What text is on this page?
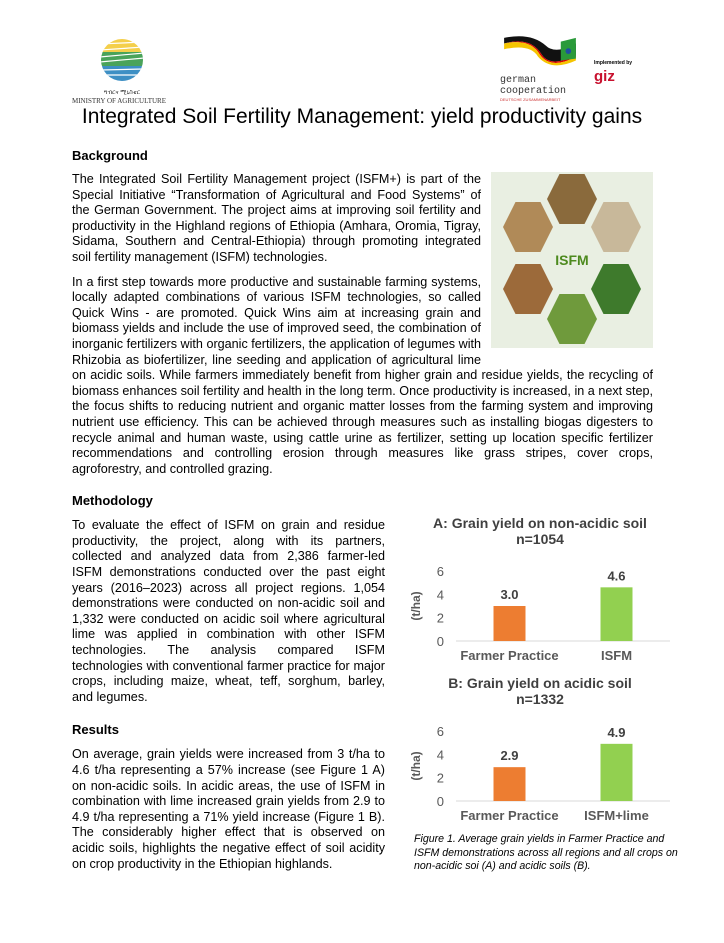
ግብርና ሚኒስቴር
MINISTRY OF AGRICULTURE
german cooperation
DEUTSCHE ZUSAMMENARBEIT
Implemented by
giz
Integrated Soil Fertility Management: yield productivity gains
Background
ISFM

The Integrated Soil Fertility Management project (ISFM+) is part of the Special Initiative “Transformation of Agricultural and Food Systems” of the German Government. The project aims at improving soil fertility and productivity in the Highland regions of Ethiopia (Amhara, Oromia, Tigray, Sidama, Southern and Central-Ethiopia) through promoting integrated soil fertility management (ISFM) technologies.

In a first step towards more productive and sustainable farming systems, locally adapted combinations of various ISFM technologies, so called Quick Wins - are promoted. Quick Wins aim at increasing grain and biomass yields and include the use of improved seed, the combination of inorganic fertilizers with organic fertilizers, the application of legumes with Rhizobia as biofertilizer, line seeding and application of agricultural lime on acidic soils. While farmers immediately benefit from higher grain and residue yields, the recycling of biomass enhances soil fertility and health in the long term. Once productivity is increased, in a next step, the focus shifts to reducing nutrient and organic matter losses from the farming system and improving nutrient use efficiency. This can be achieved through measures such as installing biogas digesters to recycle animal and human waste, using cattle urine as fertilizer, setting up location specific fertilizer recommendations and controlling erosion through measures like grass stripes, cover crops, agroforestry, and controlled grazing.

Methodology

To evaluate the effect of ISFM on grain and residue productivity, the project, along with its partners, collected and analyzed data from 2,386 farmer-led ISFM demonstrations conducted over the past eight years (2016–2023) across all project regions. 1,054 demonstrations were conducted on non-acidic soil and 1,332 were conducted on acidic soil where agricultural lime was applied in combination with other ISFM technologies. The analysis compared ISFM technologies with conventional farmer practice for major crops, including maize, wheat, teff, sorghum, barley, and legumes.

Results

On average, grain yields were increased from 3 t/ha to 4.6 t/ha representing a 57% increase (see Figure 1 A) on non-acidic soils. In acidic areas, the use of ISFM in combination with lime increased grain yields from 2.9 to 4.9 t/ha representing a 71% yield increase (Figure 1 B). The considerably higher effect that is observed on acidic soils, highlights the negative effect of soil acidity on crop productivity in the Ethiopian highlands.

A: Grain yield on non-acidic soil
n=1054
0
2
4
6
(t/ha)	3.0
Farmer Practice
4.6
ISFM
B: Grain yield on acidic soil
n=1332
0
2
4
6
(t/ha)	2.9
Farmer Practice
4.9
ISFM+lime
Figure 1. Average grain yields in Farmer Practice and ISFM demonstrations across all regions and all crops on non-acidic soi (A) and acidic soils (B).
